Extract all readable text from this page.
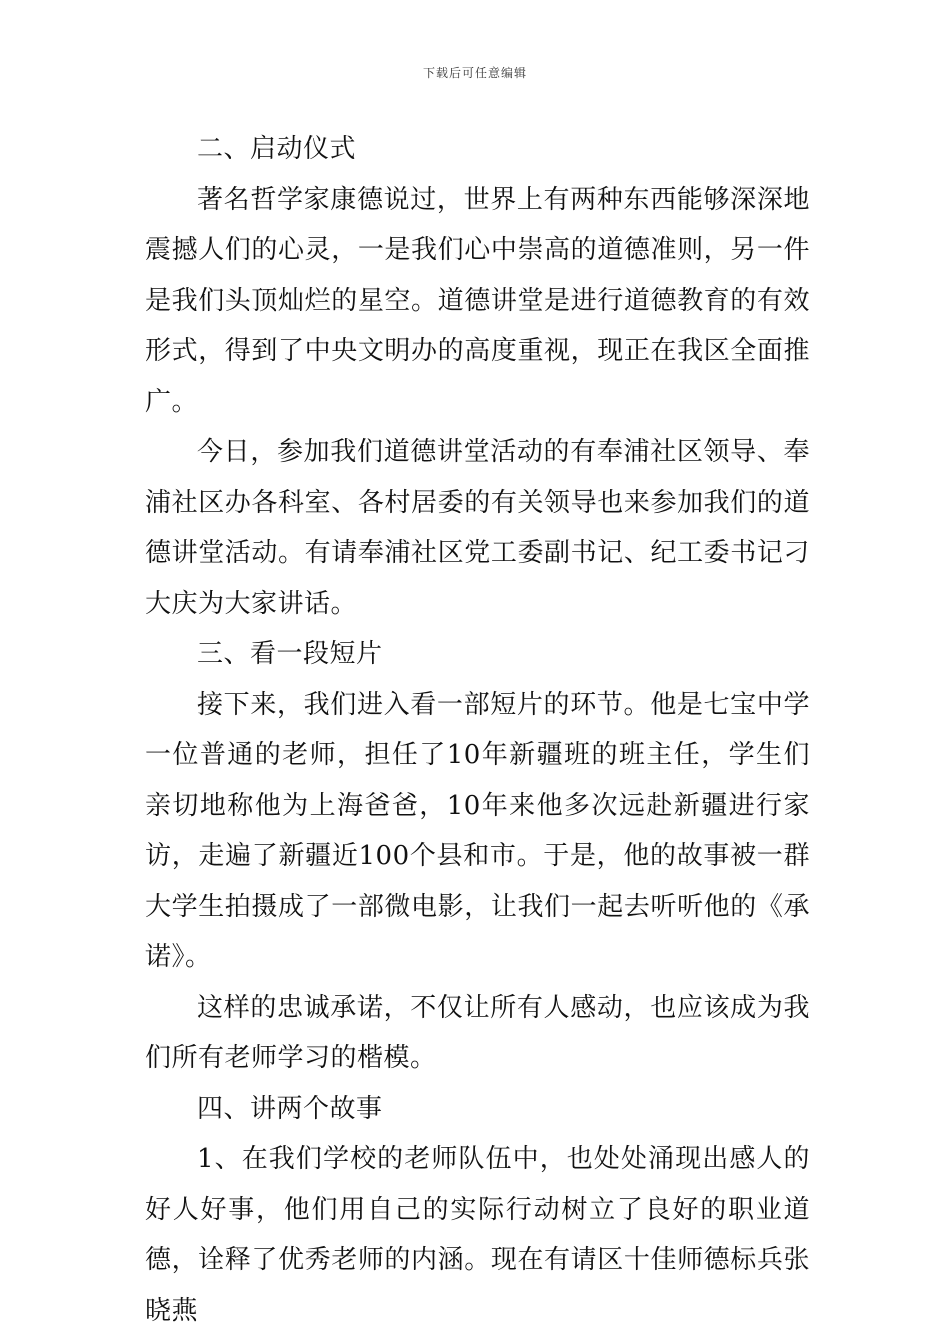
下载后可任意编辑

二、启动仪式

著名哲学家康德说过，世界上有两种东西能够深深地震撼人们的心灵，一是我们心中崇高的道德准则，另一件是我们头顶灿烂的星空。道德讲堂是进行道德教育的有效形式，得到了中央文明办的高度重视，现正在我区全面推广。

今日，参加我们道德讲堂活动的有奉浦社区领导、奉浦社区办各科室、各村居委的有关领导也来参加我们的道德讲堂活动。有请奉浦社区党工委副书记、纪工委书记刁大庆为大家讲话。

三、看一段短片

接下来，我们进入看一部短片的环节。他是七宝中学一位普通的老师，担任了10年新疆班的班主任，学生们亲切地称他为上海爸爸，10年来他多次远赴新疆进行家访，走遍了新疆近100个县和市。于是，他的故事被一群大学生拍摄成了一部微电影，让我们一起去听听他的《承诺》。

这样的忠诚承诺，不仅让所有人感动，也应该成为我们所有老师学习的楷模。

四、讲两个故事

1、在我们学校的老师队伍中，也处处涌现出感人的好人好事，他们用自己的实际行动树立了良好的职业道德，诠释了优秀老师的内涵。现在有请区十佳师德标兵张晓燕
